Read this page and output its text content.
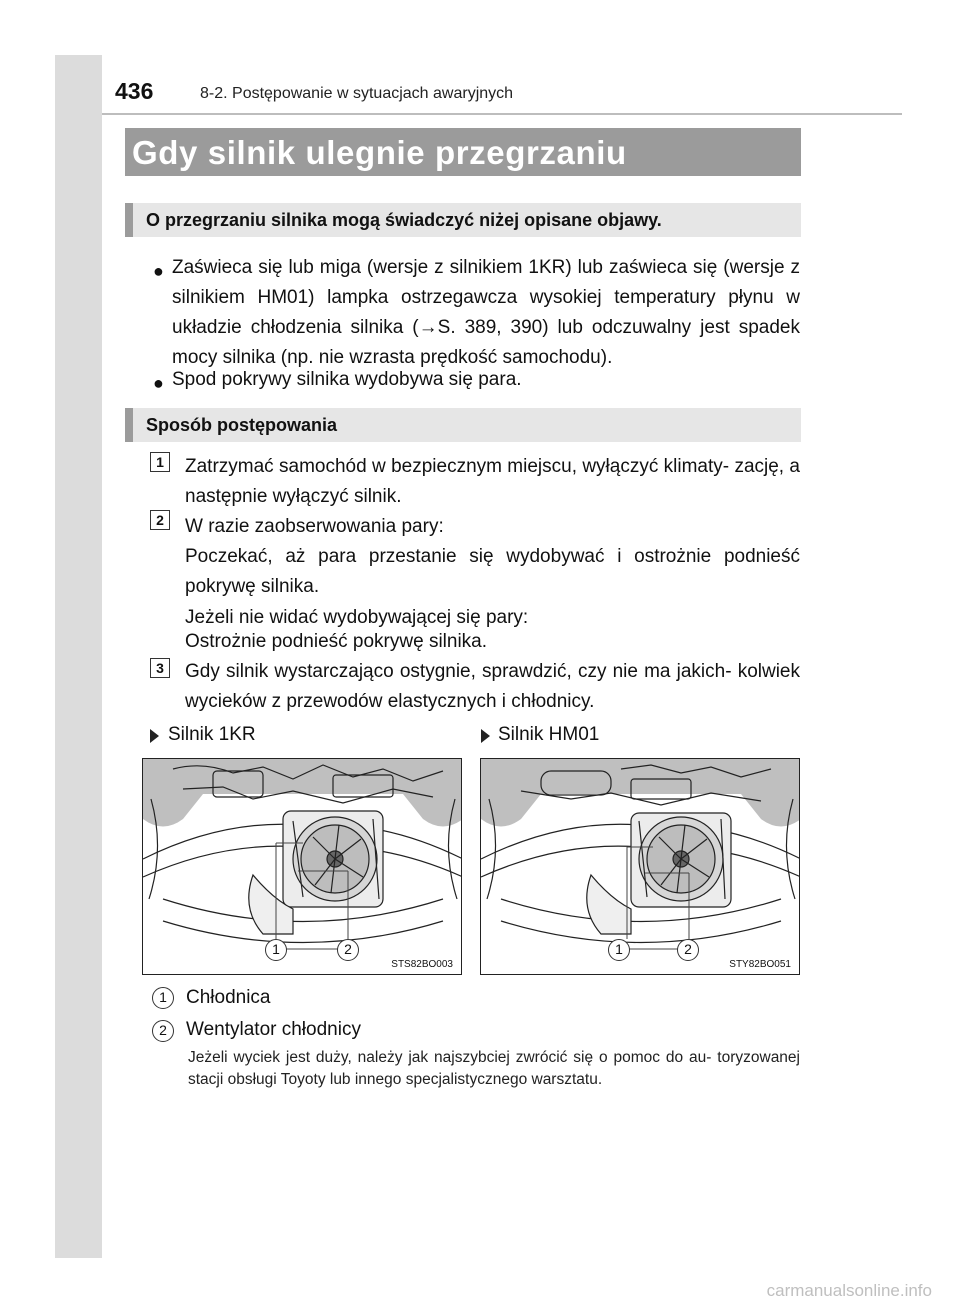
436	8-2. Postępowanie w sytuacjach awaryjnych
Gdy silnik ulegnie przegrzaniu
O przegrzaniu silnika mogą świadczyć niżej opisane objawy.
● Zaświeca się lub miga (wersje z silnikiem 1KR) lub zaświeca się (wersje z silnikiem HM01) lampka ostrzegawcza wysokiej temperatury płynu w układzie chłodzenia silnika (→S. 389, 390) lub odczuwalny jest spadek mocy silnika (np. nie wzrasta prędkość samochodu).
● Spod pokrywy silnika wydobywa się para.
Sposób postępowania
1	Zatrzymać samochód w bezpiecznym miejscu, wyłączyć klimaty- zację, a następnie wyłączyć silnik.
2	W razie zaobserwowania pary:
Poczekać, aż para przestanie się wydobywać i ostrożnie podnieść pokrywę silnika.
Jeżeli nie widać wydobywającej się pary:
Ostrożnie podnieść pokrywę silnika.
3	Gdy silnik wystarczająco ostygnie, sprawdzić, czy nie ma jakich- kolwiek wycieków z przewodów elastycznych i chłodnicy.
Silnik 1KR	Silnik HM01
1	2
STS82BO003
1	2
STY82BO051
1	Chłodnica
2	Wentylator chłodnicy
Jeżeli wyciek jest duży, należy jak najszybciej zwrócić się o pomoc do au- toryzowanej stacji obsługi Toyoty lub innego specjalistycznego warsztatu.
carmanualsonline.info
